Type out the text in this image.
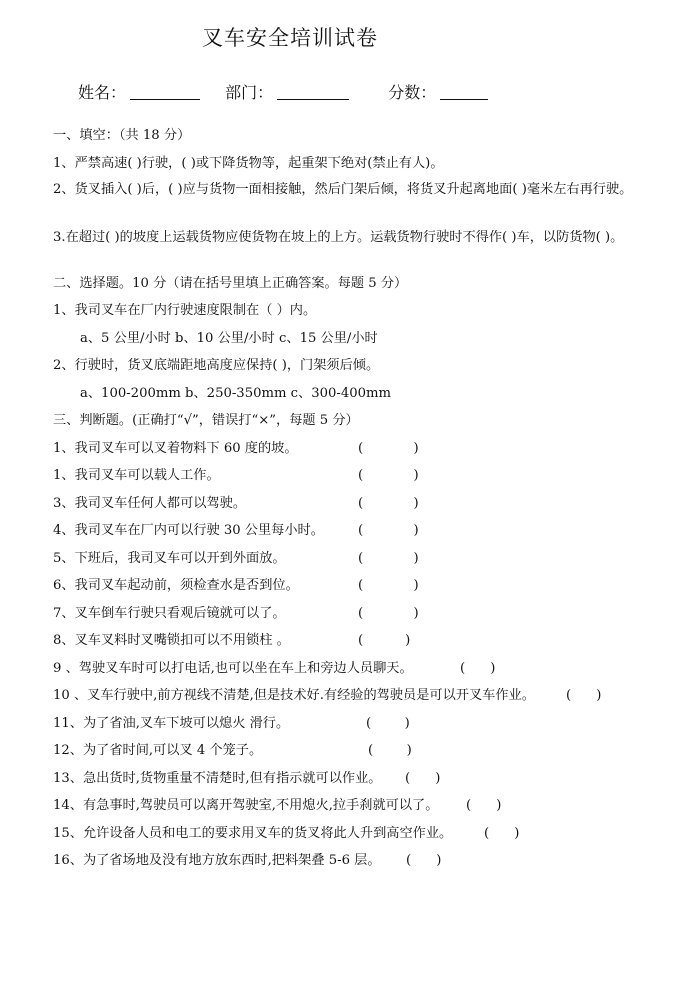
叉车安全培训试卷
姓名：	部门：	分数：
一、填空：（共 18 分）
1、严禁高速( )行驶，( )或下降货物等，起重架下绝对(禁止有人)。
2、货叉插入( )后，( )应与货物一面相接触，然后门架后倾，将货叉升起离地面( )毫米左右再行驶。
3.在超过( )的坡度上运载货物应使货物在坡上的上方。运载货物行驶时不得作( )车，以防货物( )。
二、选择题。10 分（请在括号里填上正确答案。每题 5 分）
1、我司叉车在厂内行驶速度限制在（ ）内。
a、5 公里/小时 b、10 公里/小时 c、15 公里/小时
2、行驶时，货叉底端距地高度应保持( )，门架须后倾。
a、100-200mm b、250-350mm c、300-400mm
三、判断题。(正确打“√”，错误打“×”，每题 5 分）
1、我司叉车可以叉着物料下 60 度的坡。	(            )
1、我司叉车可以载人工作。	(            )
3、我司叉车任何人都可以驾驶。	(            )
4、我司叉车在厂内可以行驶 30 公里每小时。	(            )
5、下班后，我司叉车可以开到外面放。	(            )
6、我司叉车起动前，须检查水是否到位。	(            )
7、叉车倒车行驶只看观后镜就可以了。	(            )
8、叉车叉料时叉嘴锁扣可以不用锁柱 。	(          )
9 、驾驶叉车时可以打电话,也可以坐在车上和旁边人员聊天。	(      )
10 、叉车行驶中,前方视线不清楚,但是技术好.有经验的驾驶员是可以开叉车作业。 (      )
11、为了省油,叉车下坡可以熄火 滑行。	(        )
12、为了省时间,可以叉 4 个笼子。	(        )
13、急出货时,货物重量不清楚时,但有指示就可以作业。 (      )
14、有急事时,驾驶员可以离开驾驶室,不用熄火,拉手刹就可以了。 (      )
15、允许设备人员和电工的要求用叉车的货叉将此人升到高空作业。 (      )
16、为了省场地及没有地方放东西时,把料架叠 5-6 层。 (      )
